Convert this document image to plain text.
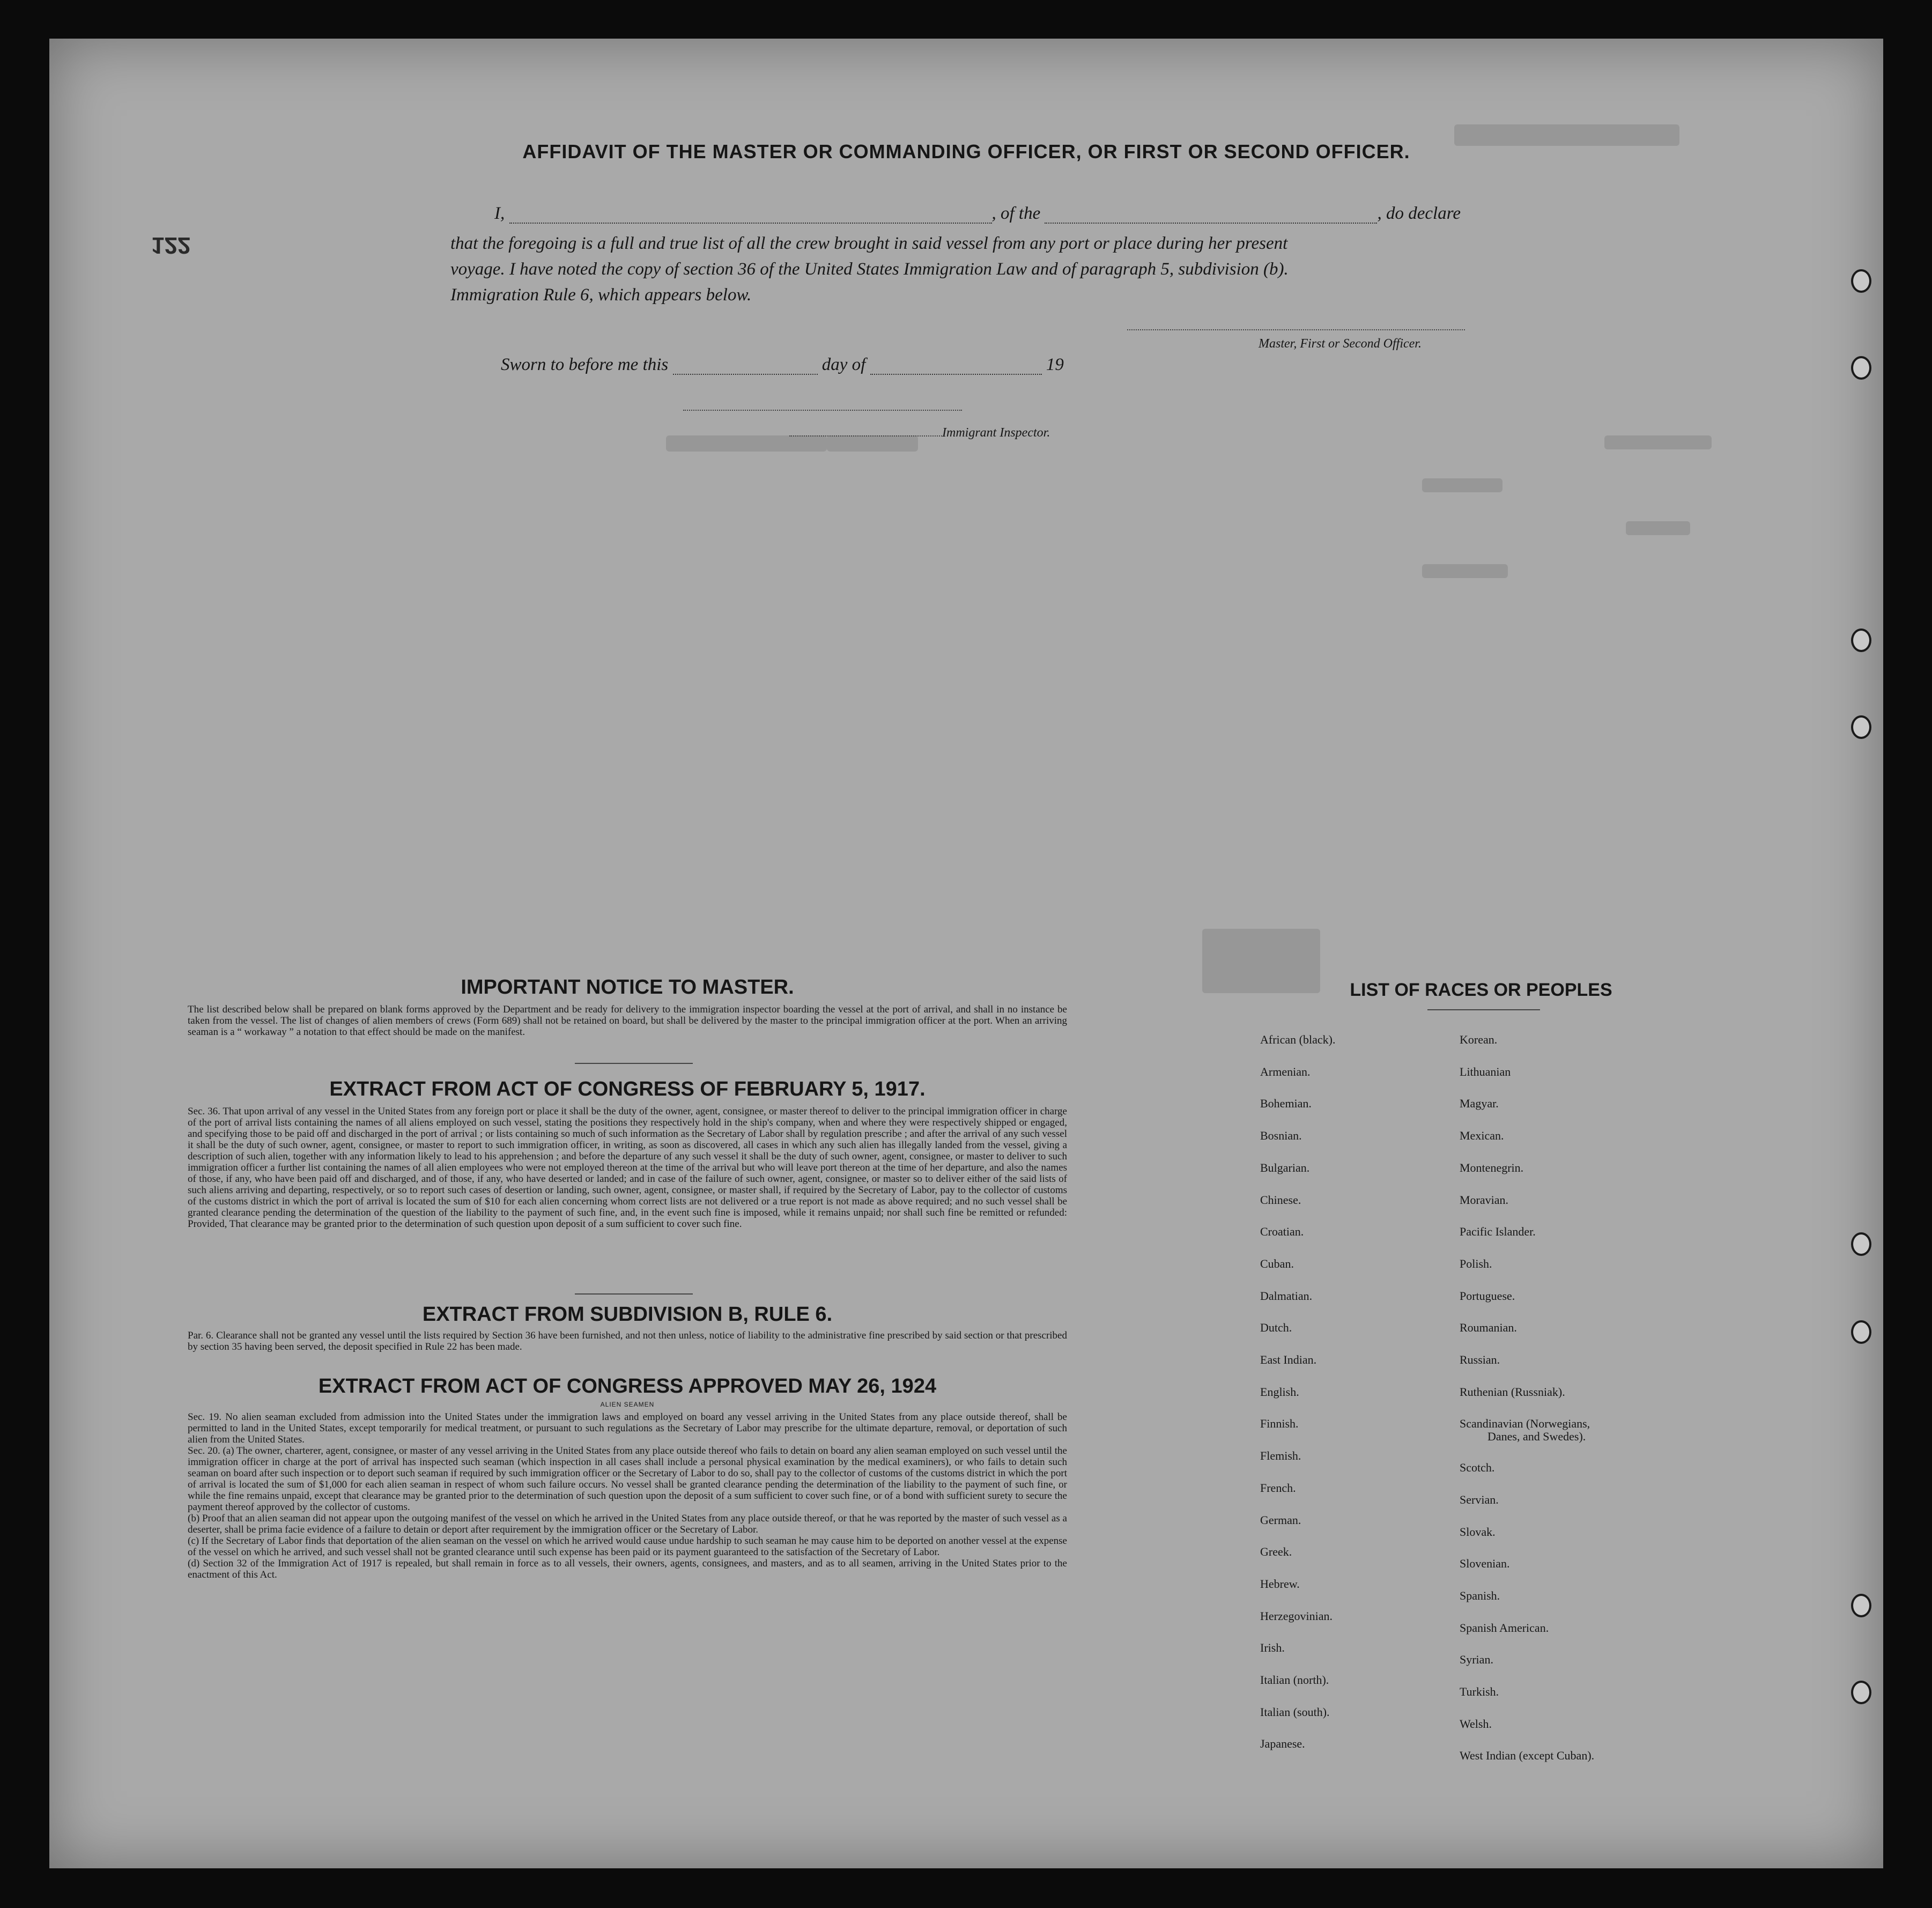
122
AFFIDAVIT OF THE MASTER OR COMMANDING OFFICER, OR FIRST OR SECOND OFFICER.
I,	, of the	, do declare
that the foregoing is a full and true list of all the crew brought in said vessel from any port or place during her present
voyage. I have noted the copy of section 36 of the United States Immigration Law and of paragraph 5, subdivision (b).
Immigration Rule 6, which appears below.
Master, First or Second Officer.
Sworn to before me this	day of	19
Immigrant Inspector.
IMPORTANT NOTICE TO MASTER.
The list described below shall be prepared on blank forms approved by the Department and be ready for delivery to the immigration inspector boarding the vessel at the port of arrival, and shall in no instance be taken from the vessel. The list of changes of alien members of crews (Form 689) shall not be retained on board, but shall be delivered by the master to the principal immigration officer at the port. When an arriving seaman is a “ workaway ” a notation to that effect should be made on the manifest.
EXTRACT FROM ACT OF CONGRESS OF FEBRUARY 5, 1917.
Sec. 36. That upon arrival of any vessel in the United States from any foreign port or place it shall be the duty of the owner, agent, consignee, or master thereof to deliver to the principal immigration officer in charge of the port of arrival lists containing the names of all aliens employed on such vessel, stating the positions they respectively hold in the ship's company, when and where they were respectively shipped or engaged, and specifying those to be paid off and discharged in the port of arrival ; or lists containing so much of such information as the Secretary of Labor shall by regulation prescribe ; and after the arrival of any such vessel it shall be the duty of such owner, agent, consignee, or master to report to such immigration officer, in writing, as soon as discovered, all cases in which any such alien has illegally landed from the vessel, giving a description of such alien, together with any information likely to lead to his apprehension ; and before the departure of any such vessel it shall be the duty of such owner, agent, consignee, or master to deliver to such immigration officer a further list containing the names of all alien employees who were not employed thereon at the time of the arrival but who will leave port thereon at the time of her departure, and also the names of those, if any, who have been paid off and discharged, and of those, if any, who have deserted or landed; and in case of the failure of such owner, agent, consignee, or master so to deliver either of the said lists of such aliens arriving and departing, respectively, or so to report such cases of desertion or landing, such owner, agent, consignee, or master shall, if required by the Secretary of Labor, pay to the collector of customs of the customs district in which the port of arrival is located the sum of $10 for each alien concerning whom correct lists are not delivered or a true report is not made as above required; and no such vessel shall be granted clearance pending the determination of the question of the liability to the payment of such fine, and, in the event such fine is imposed, while it remains unpaid; nor shall such fine be remitted or refunded: Provided, That clearance may be granted prior to the determination of such question upon deposit of a sum sufficient to cover such fine.
EXTRACT FROM SUBDIVISION B, RULE 6.
Par. 6. Clearance shall not be granted any vessel until the lists required by Section 36 have been furnished, and not then unless, notice of liability to the administrative fine prescribed by said section or that prescribed by section 35 having been served, the deposit specified in Rule 22 has been made.
EXTRACT FROM ACT OF CONGRESS APPROVED MAY 26, 1924
ALIEN SEAMEN
Sec. 19. No alien seaman excluded from admission into the United States under the immigration laws and employed on board any vessel arriving in the United States from any place outside thereof, shall be permitted to land in the United States, except temporarily for medical treatment, or pursuant to such regulations as the Secretary of Labor may prescribe for the ultimate departure, removal, or deportation of such alien from the United States.
Sec. 20. (a) The owner, charterer, agent, consignee, or master of any vessel arriving in the United States from any place outside thereof who fails to detain on board any alien seaman employed on such vessel until the immigration officer in charge at the port of arrival has inspected such seaman (which inspection in all cases shall include a personal physical examination by the medical examiners), or who fails to detain such seaman on board after such inspection or to deport such seaman if required by such immigration officer or the Secretary of Labor to do so, shall pay to the collector of customs of the customs district in which the port of arrival is located the sum of $1,000 for each alien seaman in respect of whom such failure occurs. No vessel shall be granted clearance pending the determination of the liability to the payment of such fine, or while the fine remains unpaid, except that clearance may be granted prior to the determination of such question upon the deposit of a sum sufficient to cover such fine, or of a bond with sufficient surety to secure the payment thereof approved by the collector of customs.
(b) Proof that an alien seaman did not appear upon the outgoing manifest of the vessel on which he arrived in the United States from any place outside thereof, or that he was reported by the master of such vessel as a deserter, shall be prima facie evidence of a failure to detain or deport after requirement by the immigration officer or the Secretary of Labor.
(c) If the Secretary of Labor finds that deportation of the alien seaman on the vessel on which he arrived would cause undue hardship to such seaman he may cause him to be deported on another vessel at the expense of the vessel on which he arrived, and such vessel shall not be granted clearance until such expense has been paid or its payment guaranteed to the satisfaction of the Secretary of Labor.
(d) Section 32 of the Immigration Act of 1917 is repealed, but shall remain in force as to all vessels, their owners, agents, consignees, and masters, and as to all seamen, arriving in the United States prior to the enactment of this Act.
LIST OF RACES OR PEOPLES
African (black).
Armenian.
Bohemian.
Bosnian.
Bulgarian.
Chinese.
Croatian.
Cuban.
Dalmatian.
Dutch.
East Indian.
English.
Finnish.
Flemish.
French.
German.
Greek.
Hebrew.
Herzegovinian.
Irish.
Italian (north).
Italian (south).
Japanese.
Korean.
Lithuanian
Magyar.
Mexican.
Montenegrin.
Moravian.
Pacific Islander.
Polish.
Portuguese.
Roumanian.
Russian.
Ruthenian (Russniak).
Scandinavian (Norwegians,
Danes, and Swedes).
Scotch.
Servian.
Slovak.
Slovenian.
Spanish.
Spanish American.
Syrian.
Turkish.
Welsh.
West Indian (except Cuban).
